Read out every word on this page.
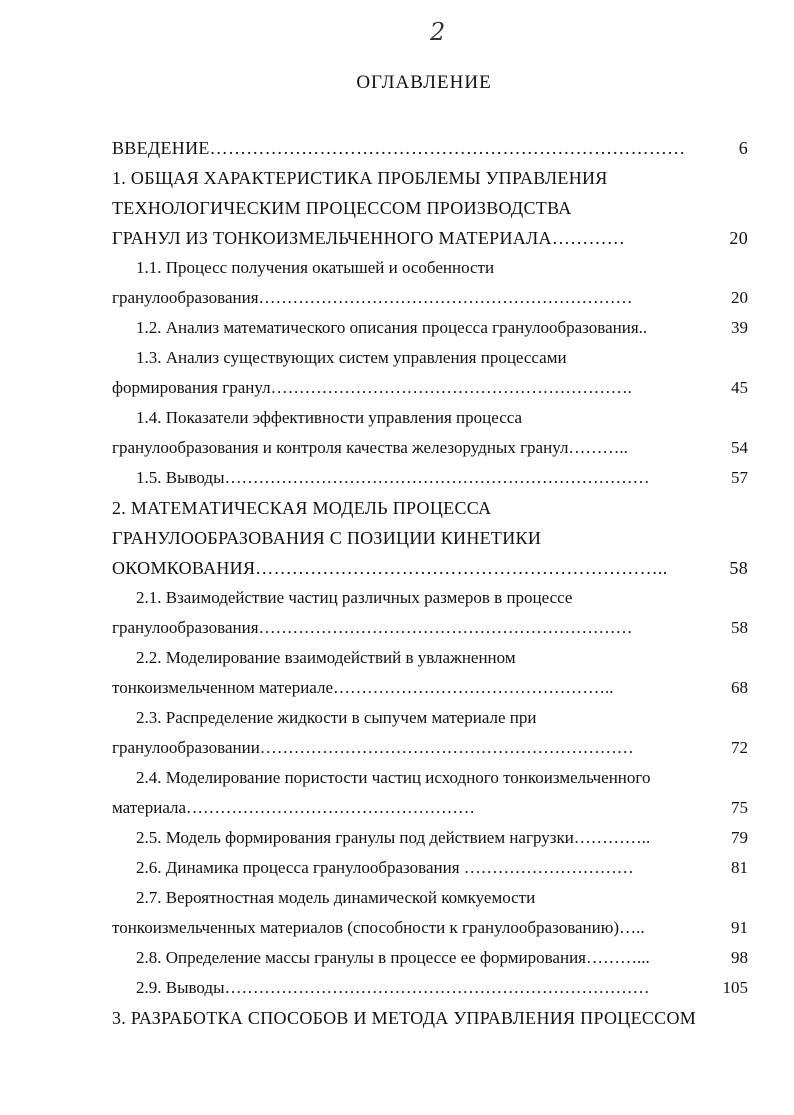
2
ОГЛАВЛЕНИЕ
ВВЕДЕНИЕ……………………………………………………………………	6
1. ОБЩАЯ ХАРАКТЕРИСТИКА ПРОБЛЕМЫ УПРАВЛЕНИЯ
ТЕХНОЛОГИЧЕСКИМ ПРОЦЕССОМ ПРОИЗВОДСТВА
ГРАНУЛ ИЗ ТОНКОИЗМЕЛЬЧЕННОГО МАТЕРИАЛА…………	20
1.1. Процесс получения окатышей и особенности
гранулообразования…………………………………………………………	20
1.2. Анализ математического описания процесса гранулообразования..	39
1.3. Анализ существующих систем управления процессами
формирования гранул……………………………………………………….	45
1.4. Показатели эффективности управления процесса
гранулообразования и контроля качества железорудных гранул………..	54
1.5. Выводы…………………………………………………………………	57
2. МАТЕМАТИЧЕСКАЯ МОДЕЛЬ ПРОЦЕССА
ГРАНУЛООБРАЗОВАНИЯ С ПОЗИЦИИ КИНЕТИКИ
ОКОМКОВАНИЯ…………………………………………………………..	58
2.1. Взаимодействие частиц различных размеров в процессе
гранулообразования…………………………………………………………	58
2.2. Моделирование взаимодействий в увлажненном
тонкоизмельченном материале…………………………………………..	68
2.3. Распределение жидкости в сыпучем материале при
гранулообразовании…………………………………………………………	72
2.4. Моделирование пористости частиц исходного тонкоизмельченного
материала……………………………………………	75
2.5. Модель формирования гранулы под действием нагрузки…………..	79
2.6. Динамика процесса гранулообразования …………………………	81
2.7. Вероятностная модель динамической комкуемости
тонкоизмельченных материалов (способности к гранулообразованию)…..	91
2.8. Определение массы гранулы в процессе ее формирования………...	98
2.9. Выводы…………………………………………………………………	105
3. РАЗРАБОТКА СПОСОБОВ И МЕТОДА УПРАВЛЕНИЯ ПРОЦЕССОМ
